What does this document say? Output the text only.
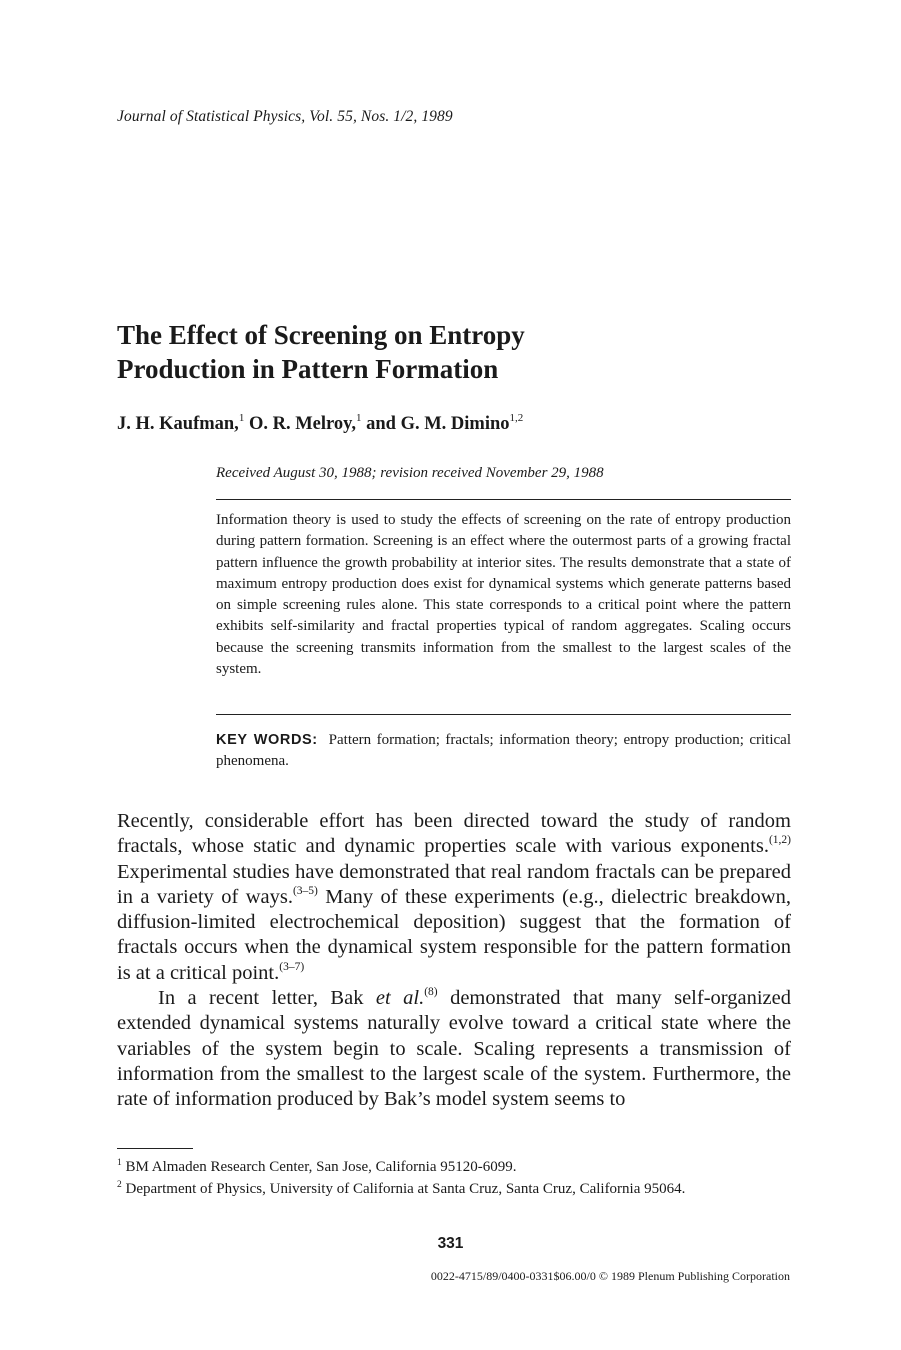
Journal of Statistical Physics, Vol. 55, Nos. 1/2, 1989
The Effect of Screening on Entropy
Production in Pattern Formation
J. H. Kaufman,$^1$ O. R. Melroy,$^1$ and G. M. Dimino$^{1,2}$
Received August 30, 1988; revision received November 29, 1988
Information theory is used to study the effects of screening on the rate of entropy production during pattern formation. Screening is an effect where the outermost parts of a growing fractal pattern influence the growth probability at interior sites. The results demonstrate that a state of maximum entropy production does exist for dynamical systems which generate patterns based on simple screening rules alone. This state corresponds to a critical point where the pattern exhibits self-similarity and fractal properties typical of random aggregates. Scaling occurs because the screening transmits information from the smallest to the largest scales of the system.
KEY WORDS: Pattern formation; fractals; information theory; entropy production; critical phenomena.

Recently, considerable effort has been directed toward the study of random fractals, whose static and dynamic properties scale with various exponents.$^{(1,2)}$ Experimental studies have demonstrated that real random fractals can be prepared in a variety of ways.$^{(3-5)}$ Many of these experiments (e.g., dielectric breakdown, diffusion-limited electrochemical deposition) suggest that the formation of fractals occurs when the dynamical system responsible for the pattern formation is at a critical point.$^{(3-7)}$

In a recent letter, Bak et al.$^{(8)}$ demonstrated that many self-organized extended dynamical systems naturally evolve toward a critical state where the variables of the system begin to scale. Scaling represents a transmission of information from the smallest to the largest scale of the system. Furthermore, the rate of information produced by Bak’s model system seems to

$^1$ BM Almaden Research Center, San Jose, California 95120-6099.

$^2$ Department of Physics, University of California at Santa Cruz, Santa Cruz, California 95064.

331
0022-4715/89/0400-0331$06.00/0 © 1989 Plenum Publishing Corporation
